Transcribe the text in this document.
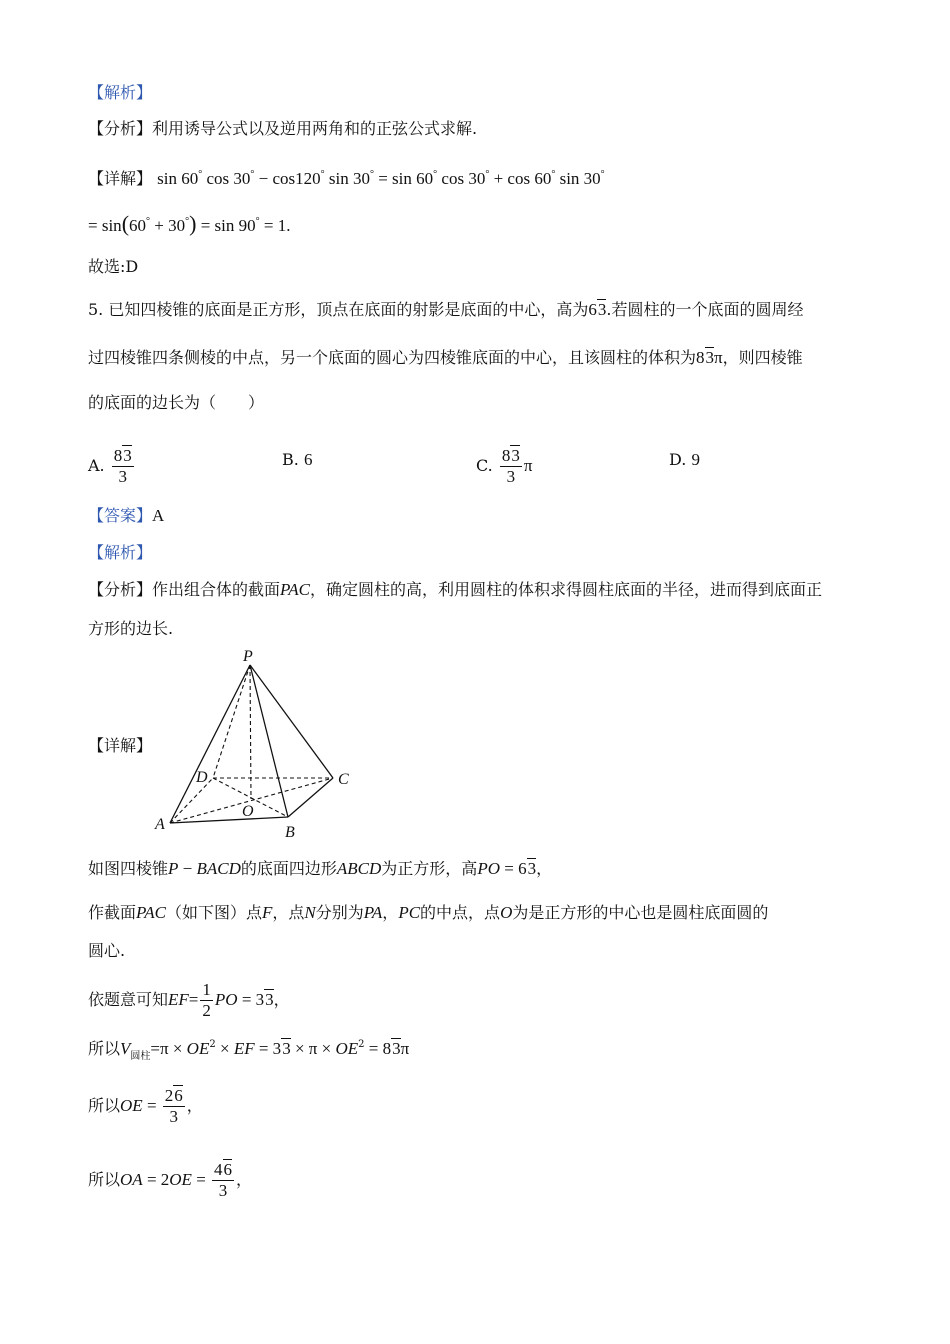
【解析】
【分析】利用诱导公式以及逆用两角和的正弦公式求解.
【详解】 sin 60° cos 30° − cos120° sin 30° = sin 60° cos 30° + cos 60° sin 30°
= sin(60° + 30°) = sin 90° = 1.
故选:D
5. 已知四棱锥的底面是正方形，顶点在底面的射影是底面的中心，高为63.若圆柱的一个底面的圆周经
过四棱锥四条侧棱的中点，另一个底面的圆心为四棱锥底面的中心，且该圆柱的体积为83π，则四棱锥
的底面的边长为（　　）
A. $\frac{83}{3}$	B. 6	C. $\frac{83}{3}$ π	D. 9
【答案】A
【解析】
【分析】作出组合体的截面PAC，确定圆柱的高，利用圆柱的体积求得圆柱底面的半径，进而得到底面正
方形的边长.
【详解】
P
D	C
O
A	B
如图四棱锥P − BACD的底面四边形ABCD为正方形，高PO = 63，
作截面PAC（如下图）点F，点N分别为PA，PC的中点，点O为是正方形的中心也是圆柱底面圆的
圆心.
依题意可知$EF= \frac{1}{2}$ PO = 33，
所以$V_{圆柱}=\pi \times OE^2$ × EF = $33 \times \pi \times OE^2 = 83\pi$
所以OE = $\frac{26}{3}$ ，
所以OA = $2OE = \frac{46}{3}$ ，
